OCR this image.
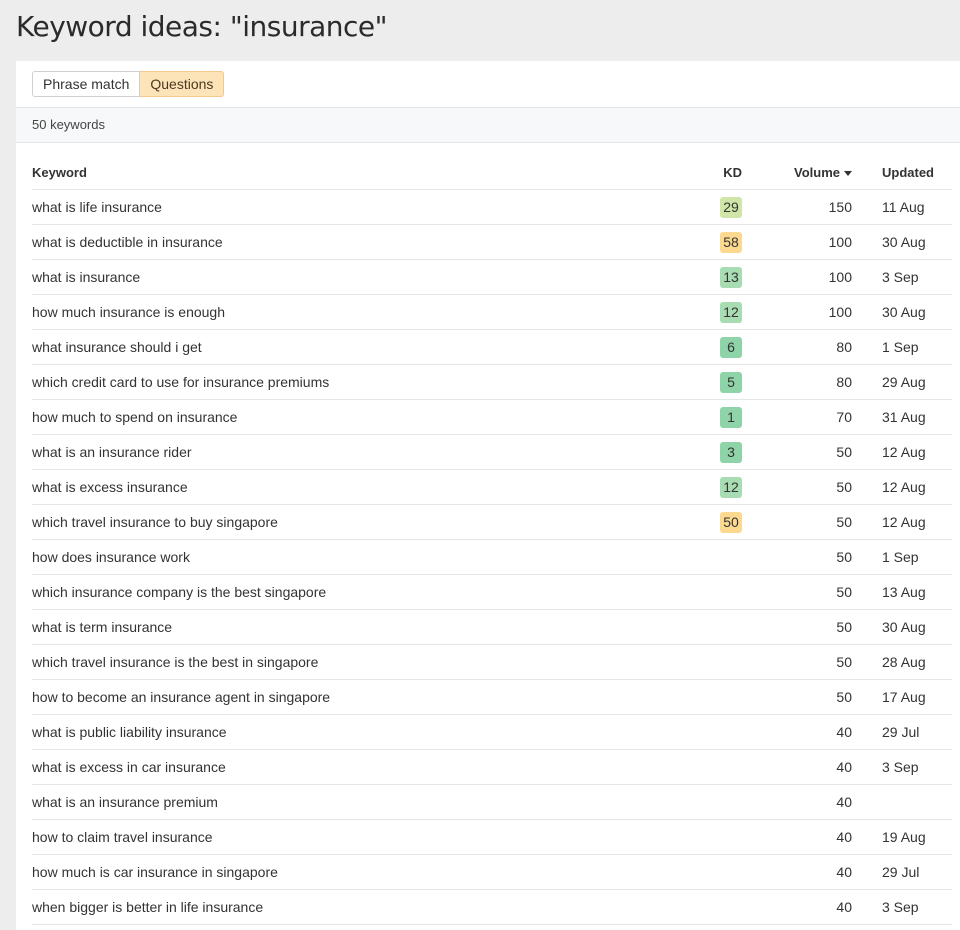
Keyword ideas: "insurance"
Phrase match	Questions
50 keywords
Keyword	KD	Volume	Updated
what is life insurance	29	150	11 Aug
what is deductible in insurance	58	100	30 Aug
what is insurance	13	100	3 Sep
how much insurance is enough	12	100	30 Aug
what insurance should i get	6	80	1 Sep
which credit card to use for insurance premiums	5	80	29 Aug
how much to spend on insurance	1	70	31 Aug
what is an insurance rider	3	50	12 Aug
what is excess insurance	12	50	12 Aug
which travel insurance to buy singapore	50	50	12 Aug
how does insurance work		50	1 Sep
which insurance company is the best singapore		50	13 Aug
what is term insurance		50	30 Aug
which travel insurance is the best in singapore		50	28 Aug
how to become an insurance agent in singapore		50	17 Aug
what is public liability insurance		40	29 Jul
what is excess in car insurance		40	3 Sep
what is an insurance premium		40	
how to claim travel insurance		40	19 Aug
how much is car insurance in singapore		40	29 Jul
when bigger is better in life insurance		40	3 Sep
